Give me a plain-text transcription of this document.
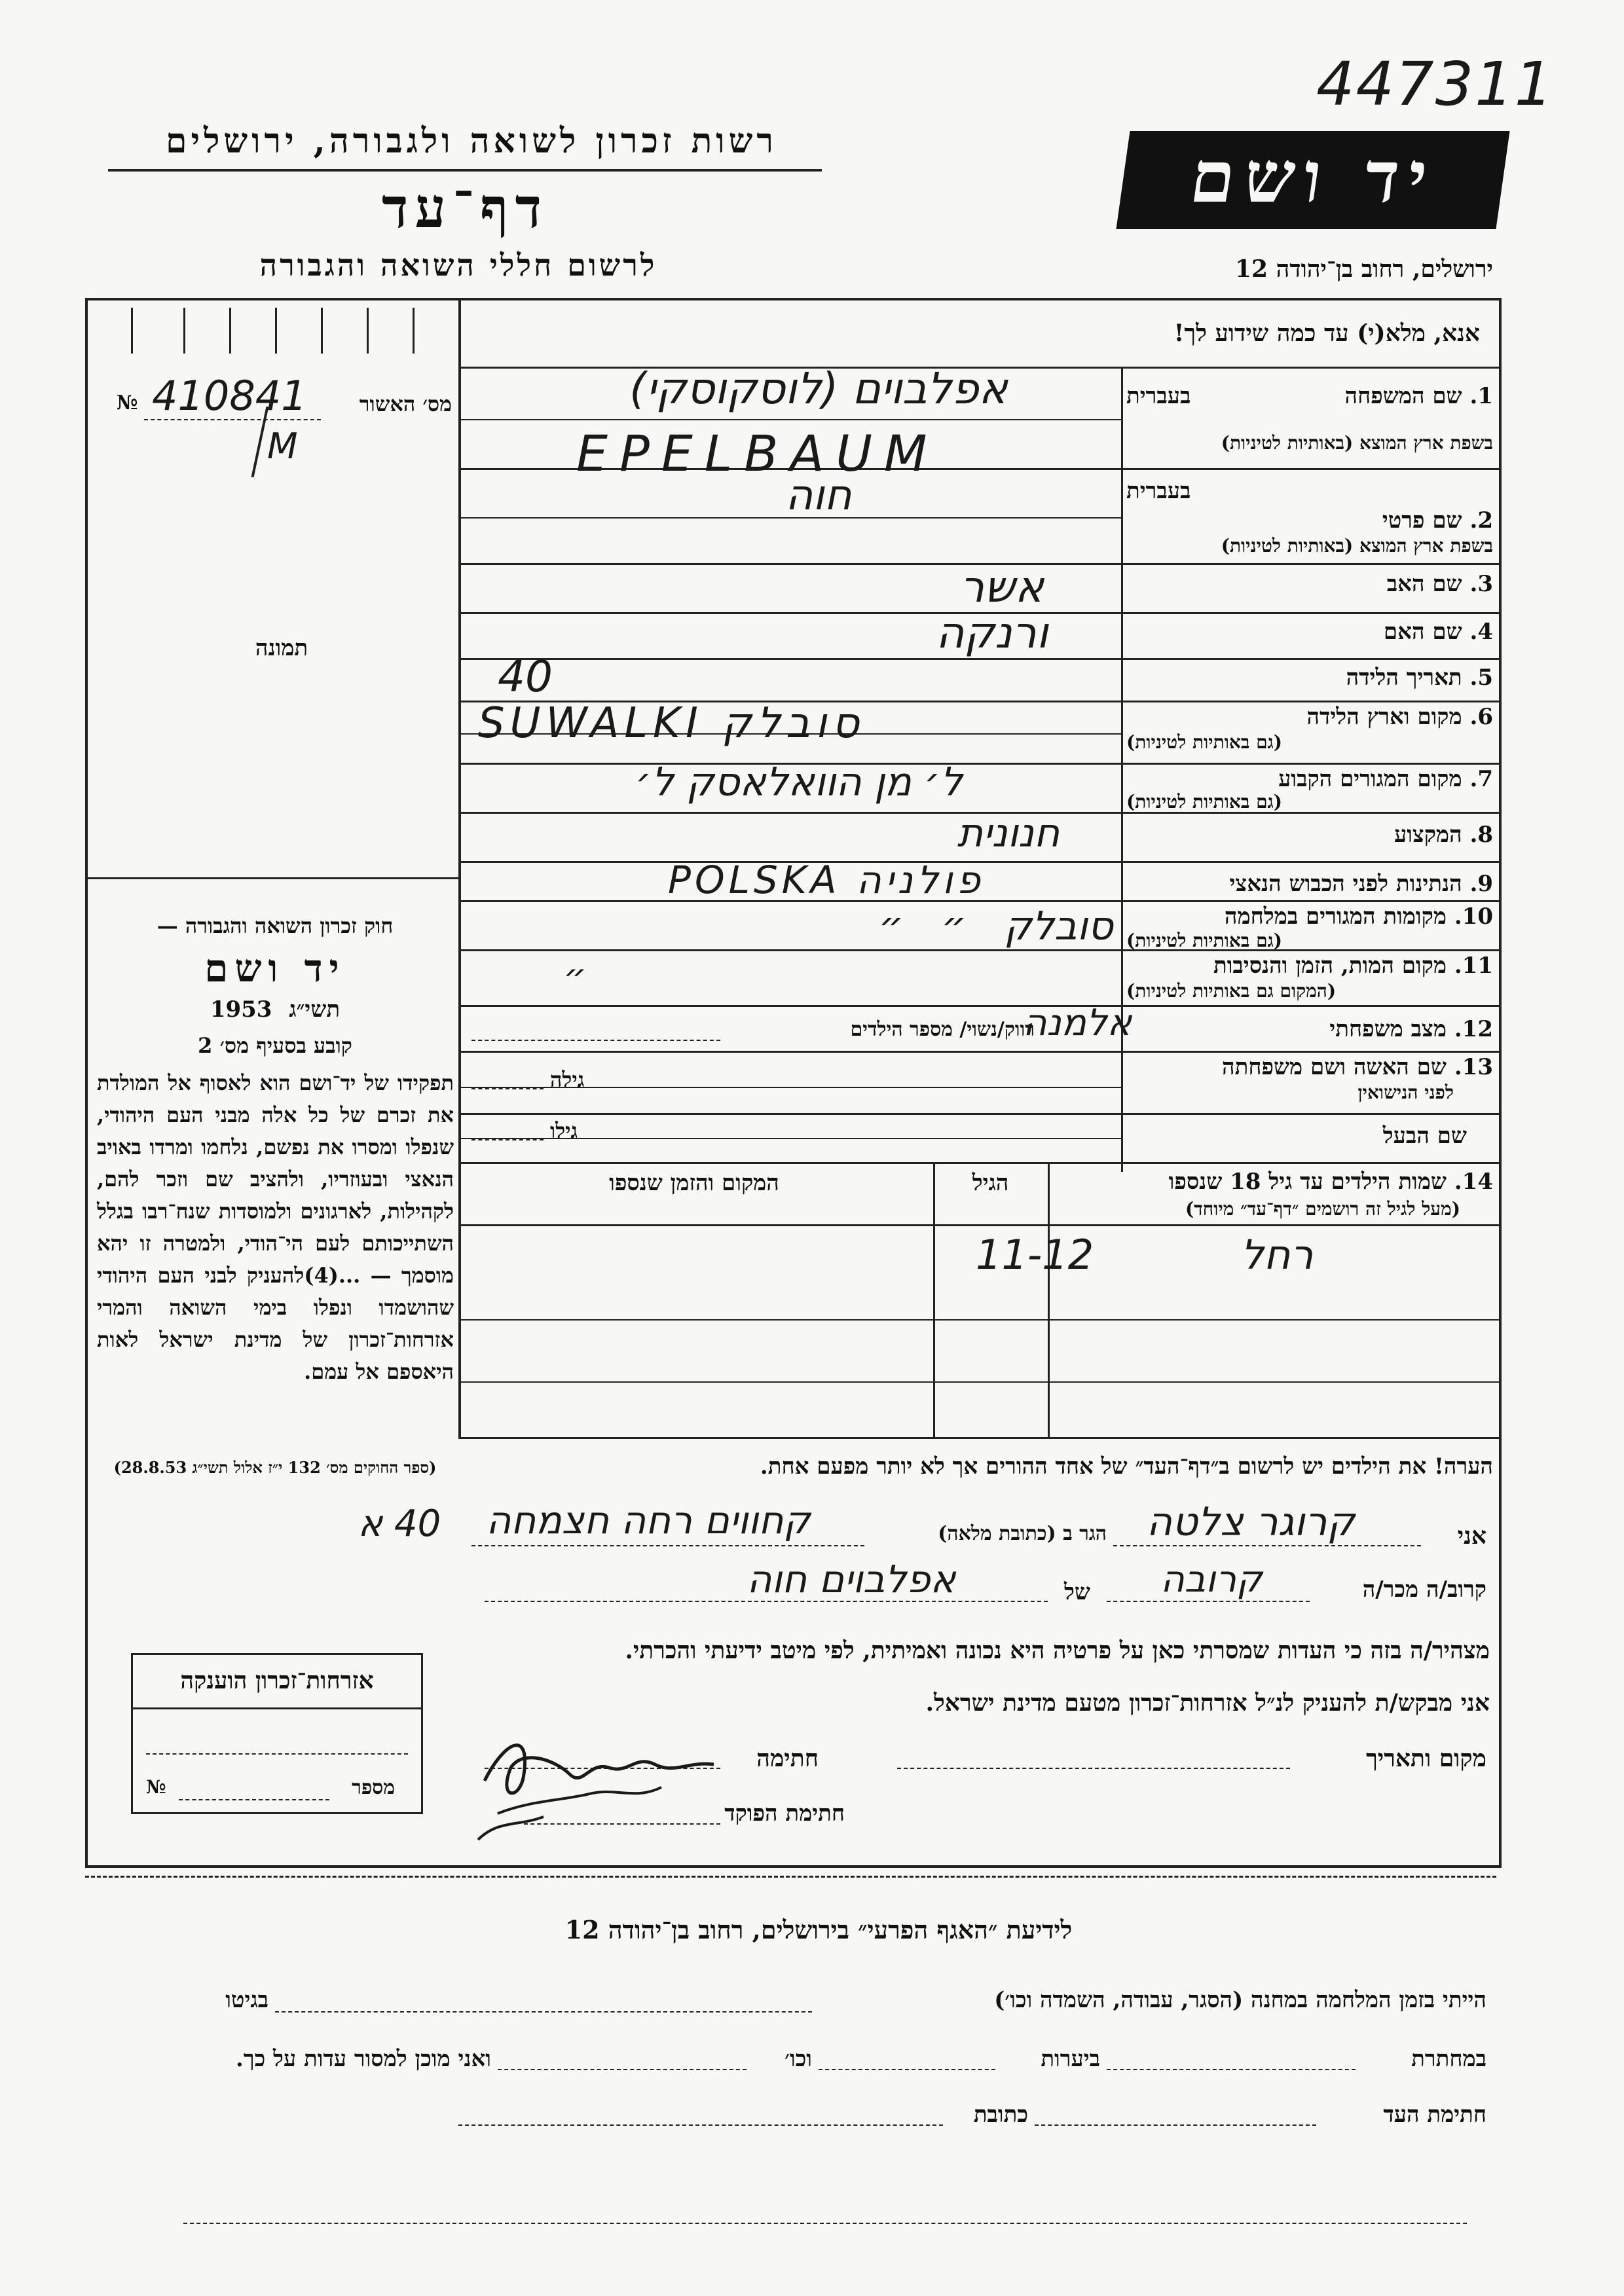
447311
רשות זכרון לשואה ולגבורה, ירושלים
דף־עד
לרשום חללי השואה והגבורה
יד ושם
ירושלים, רחוב בן־יהודה 12
אנא, מלא(י) עד כמה שידוע לך!
מס׳ האשור
№ 410841
M
תמונה
חוק זכרון השואה והגבורה —
יד ושם
1953 תשי״ג
קובע בסעיף מס׳ 2
תפקידו של יד־ושם הוא לאסוף אל המולדת את זכרם של כל אלה מבני העם היהודי, שנפלו ומסרו את נפשם, נלחמו ומרדו באויב הנאצי ובעוזריו, ולהציב שם וזכר להם, לקהילות, לארגונים ולמוסדות שנח־רבו בגלל השתייכותם לעם הי־הודי, ולמטרה זו יהא מוסמך — ...(4)להעניק לבני העם היהודי שהושמדו ונפלו בימי השואה והמרי אזרחות־זכרון של מדינת ישראל לאות היאספם אל עמם.
(ספר החוקים מס׳ 132 י״ז אלול תשי״ג 28.8.53)
1. שם המשפחה
בעברית
בשפת ארץ המוצא (באותיות לטיניות)
אפלבוים (לוסקוסקי)
EPELBAUM
2. שם פרטי
בעברית
בשפת ארץ המוצא (באותיות לטיניות)
חוה
3. שם האב
אשר
4. שם האם
ורנקה
5. תאריך הלידה
40
6. מקום וארץ הלידה
(גם באותיות לטיניות)
SUWALKI סובלק
7. מקום המגורים הקבוע
(גם באותיות לטיניות)
ל׳ מן הוואלאסק ל׳
8. המקצוע
חנונית
9. הנתינות לפני הכבוש הנאצי
POLSKA פולניה
10. מקומות המגורים במלחמה
(גם באותיות לטיניות)
סובלק   ״   ״
11. מקום המות, הזמן והנסיבות
(המקום גם באותיות לטיניות)
״
12. מצב משפחתי
רווק/נשוי/ מספר הילדים
אלמנה
13. שם האשה ושם משפחתה
לפני הנישואין
גילה
שם הבעל
גילו
14. שמות הילדים עד גיל 18 שנספו
(מעל לגיל זה רושמים ״דף־עד״ מיוחד)
הגיל
המקום והזמן שנספו
רחל
11-12
הערה! את הילדים יש לרשום ב״דף־העד״ של אחד ההורים אך לא יותר מפעם אחת.
אני
קרוגר צלטה
הגר ב (כתובת מלאה)
קחווים רחה חצמחה
40 א
קרוב/ה מכר/ה
קרובה
של
אפלבוים חוה
מצהיר/ה בזה כי העדות שמסרתי כאן על פרטיה היא נכונה ואמיתית, לפי מיטב ידיעתי והכרתי.
אני מבקש/ת להעניק לנ״ל אזרחות־זכרון מטעם מדינת ישראל.
מקום ותאריך
חתימה
חתימת הפוקד
אזרחות־זכרון הוענקה
מספר
№
לידיעת ״האגף הפרעי״ בירושלים, רחוב בן־יהודה 12
הייתי בזמן המלחמה במחנה (הסגר, עבודה, השמדה וכו׳)
בגיטו
במחתרת
ביערות
וכו׳
ואני מוכן למסור עדות על כך.
חתימת העד
כתובת
